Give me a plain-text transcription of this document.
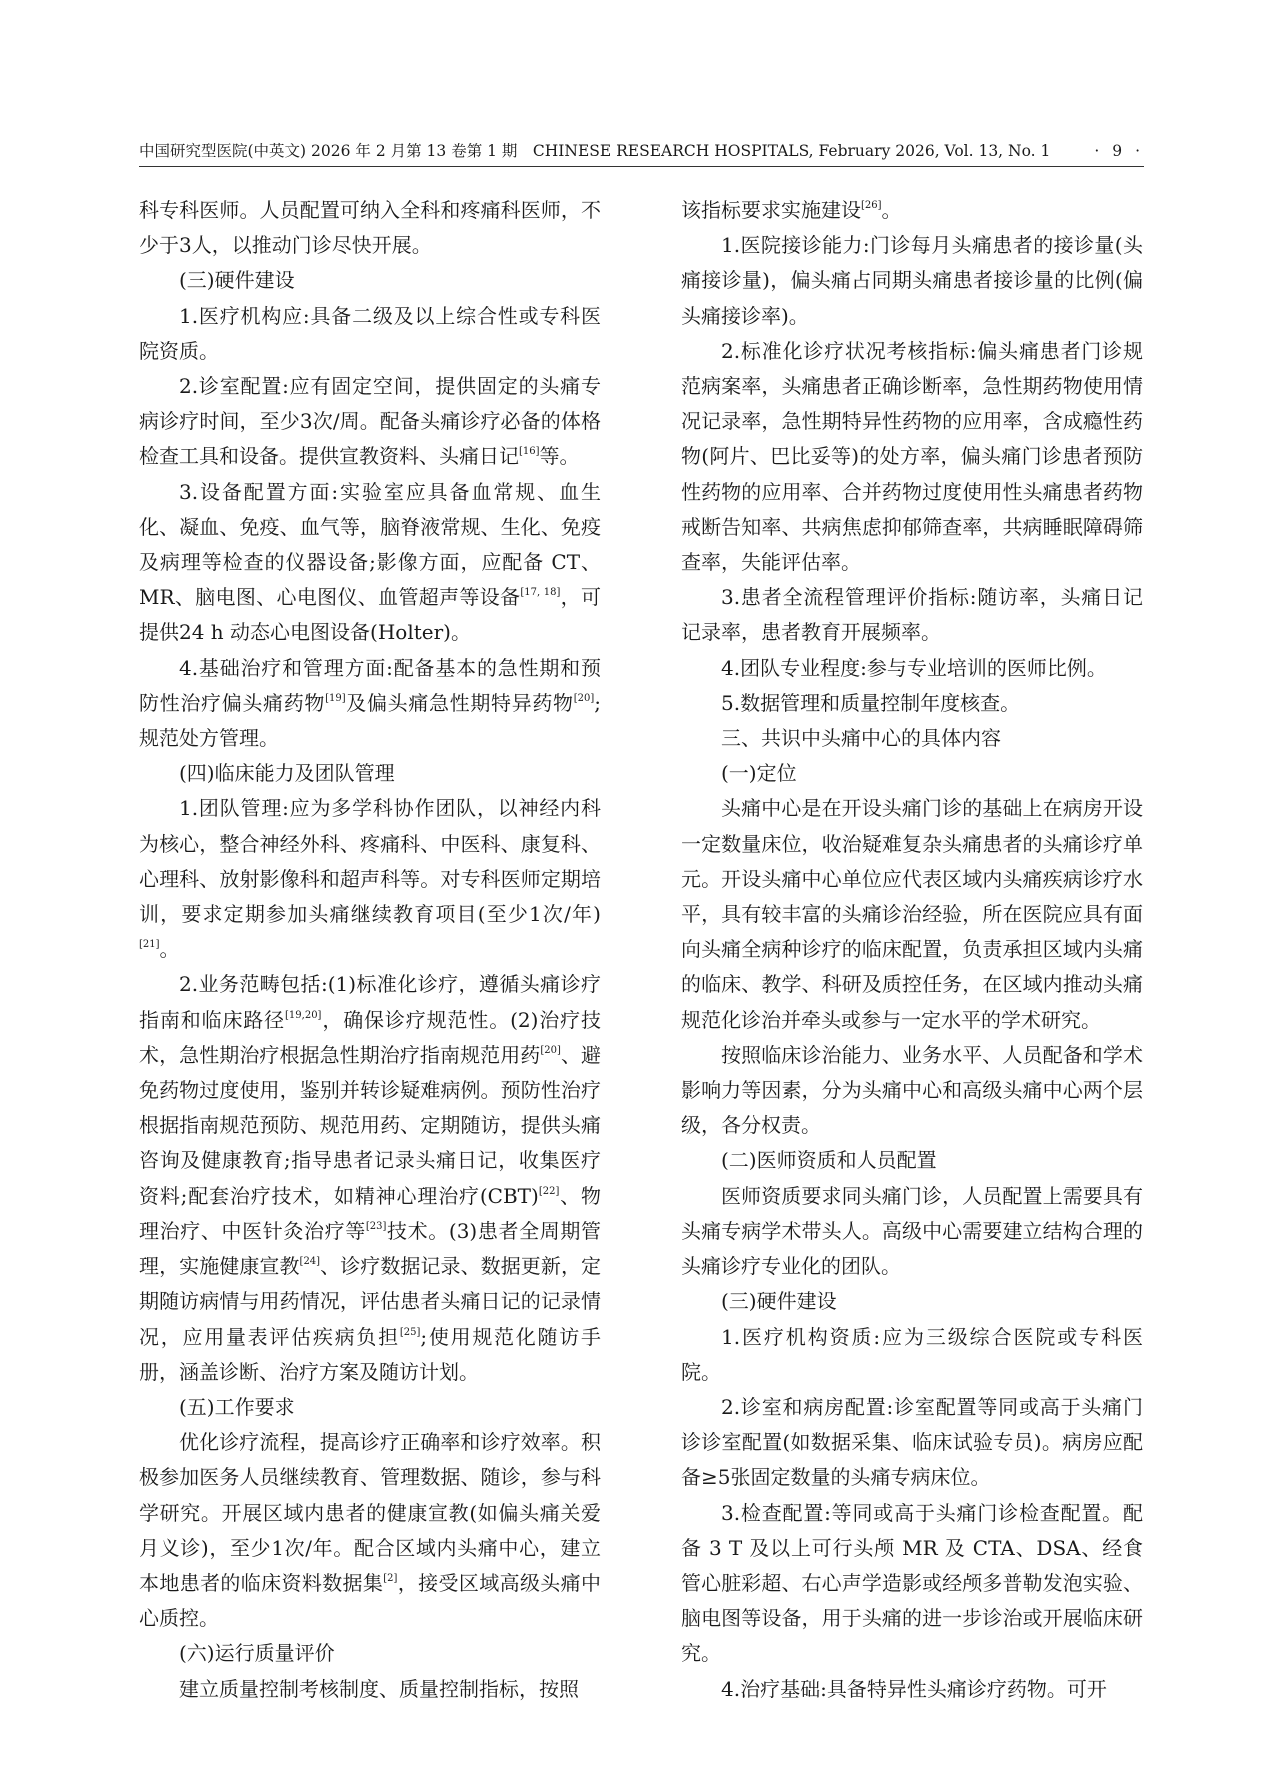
中国研究型医院(中英文) 2026 年 2 月第 13 卷第 1 期　CHINESE RESEARCH HOSPITALS, February 2026, Vol. 13, No. 1	· 9 ·

科专科医师。人员配置可纳入全科和疼痛科医师，不少于3人，以推动门诊尽快开展。

(三)硬件建设

1.医疗机构应:具备二级及以上综合性或专科医院资质。

2.诊室配置:应有固定空间，提供固定的头痛专病诊疗时间，至少3次/周。配备头痛诊疗必备的体格检查工具和设备。提供宣教资料、头痛日记[16]等。

3.设备配置方面:实验室应具备血常规、血生化、凝血、免疫、血气等，脑脊液常规、生化、免疫及病理等检查的仪器设备;影像方面，应配备 CT、MR、脑电图、心电图仪、血管超声等设备[17, 18]，可提供24 h 动态心电图设备(Holter)。

4.基础治疗和管理方面:配备基本的急性期和预防性治疗偏头痛药物[19]及偏头痛急性期特异药物[20];规范处方管理。

(四)临床能力及团队管理

1.团队管理:应为多学科协作团队，以神经内科为核心，整合神经外科、疼痛科、中医科、康复科、心理科、放射影像科和超声科等。对专科医师定期培训，要求定期参加头痛继续教育项目(至少1次/年)[21]。

2.业务范畴包括:(1)标准化诊疗，遵循头痛诊疗指南和临床路径[19,20]，确保诊疗规范性。(2)治疗技术，急性期治疗根据急性期治疗指南规范用药[20]、避免药物过度使用，鉴别并转诊疑难病例。预防性治疗根据指南规范预防、规范用药、定期随访，提供头痛咨询及健康教育;指导患者记录头痛日记，收集医疗资料;配套治疗技术，如精神心理治疗(CBT)[22]、物理治疗、中医针灸治疗等[23]技术。(3)患者全周期管理，实施健康宣教[24]、诊疗数据记录、数据更新，定期随访病情与用药情况，评估患者头痛日记的记录情况，应用量表评估疾病负担[25];使用规范化随访手册，涵盖诊断、治疗方案及随访计划。

(五)工作要求

优化诊疗流程，提高诊疗正确率和诊疗效率。积极参加医务人员继续教育、管理数据、随诊，参与科学研究。开展区域内患者的健康宣教(如偏头痛关爱月义诊)，至少1次/年。配合区域内头痛中心，建立本地患者的临床资料数据集[2]，接受区域高级头痛中心质控。

(六)运行质量评价

建立质量控制考核制度、质量控制指标，按照

该指标要求实施建设[26]。

1.医院接诊能力:门诊每月头痛患者的接诊量(头痛接诊量)，偏头痛占同期头痛患者接诊量的比例(偏头痛接诊率)。

2.标准化诊疗状况考核指标:偏头痛患者门诊规范病案率，头痛患者正确诊断率，急性期药物使用情况记录率，急性期特异性药物的应用率，含成瘾性药物(阿片、巴比妥等)的处方率，偏头痛门诊患者预防性药物的应用率、合并药物过度使用性头痛患者药物戒断告知率、共病焦虑抑郁筛查率，共病睡眠障碍筛查率，失能评估率。

3.患者全流程管理评价指标:随访率，头痛日记记录率，患者教育开展频率。

4.团队专业程度:参与专业培训的医师比例。

5.数据管理和质量控制年度核查。

三、共识中头痛中心的具体内容

(一)定位

头痛中心是在开设头痛门诊的基础上在病房开设一定数量床位，收治疑难复杂头痛患者的头痛诊疗单元。开设头痛中心单位应代表区域内头痛疾病诊疗水平，具有较丰富的头痛诊治经验，所在医院应具有面向头痛全病种诊疗的临床配置，负责承担区域内头痛的临床、教学、科研及质控任务，在区域内推动头痛规范化诊治并牵头或参与一定水平的学术研究。

按照临床诊治能力、业务水平、人员配备和学术影响力等因素，分为头痛中心和高级头痛中心两个层级，各分权责。

(二)医师资质和人员配置

医师资质要求同头痛门诊，人员配置上需要具有头痛专病学术带头人。高级中心需要建立结构合理的头痛诊疗专业化的团队。

(三)硬件建设

1.医疗机构资质:应为三级综合医院或专科医院。

2.诊室和病房配置:诊室配置等同或高于头痛门诊诊室配置(如数据采集、临床试验专员)。病房应配备≥5张固定数量的头痛专病床位。

3.检查配置:等同或高于头痛门诊检查配置。配备 3 T 及以上可行头颅 MR 及 CTA、DSA、经食管心脏彩超、右心声学造影或经颅多普勒发泡实验、脑电图等设备，用于头痛的进一步诊治或开展临床研究。

4.治疗基础:具备特异性头痛诊疗药物。可开
